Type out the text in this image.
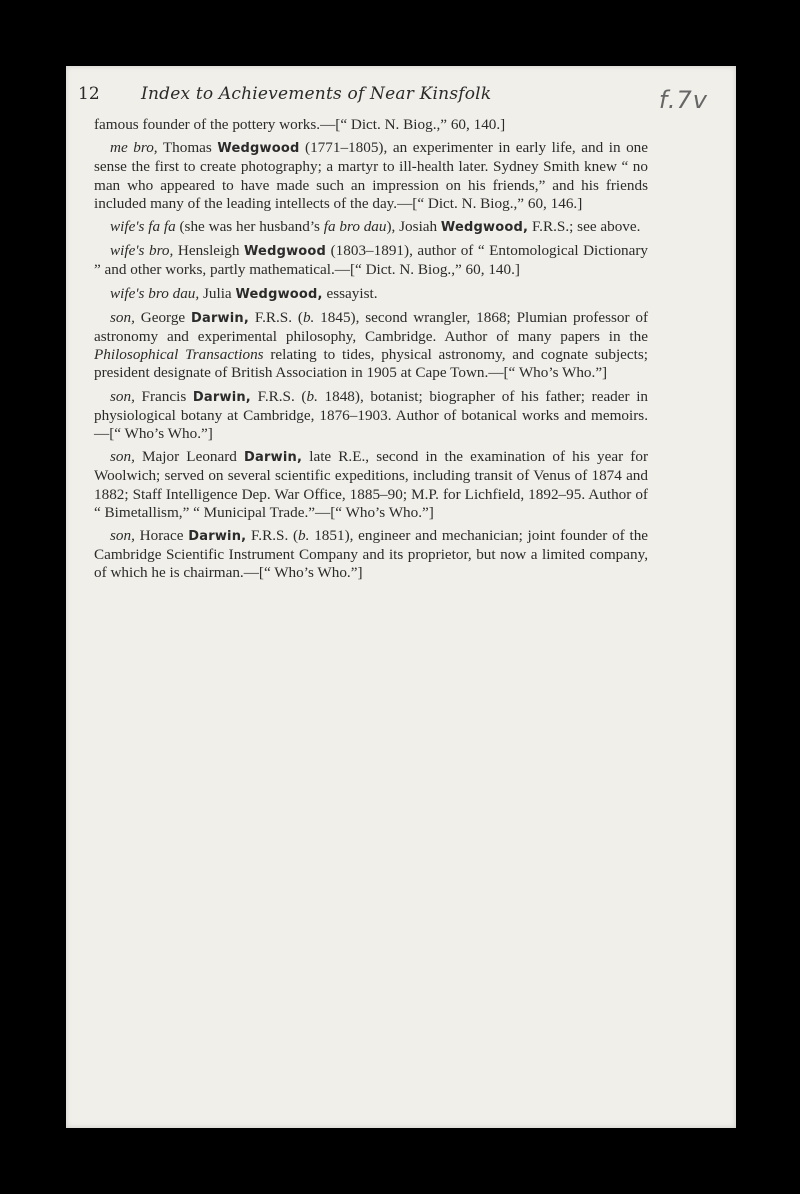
f.7v
12 Index to Achievements of Near Kinsfolk

famous founder of the pottery works.—[“ Dict. N. Biog.,” 60, 140.]

me bro, Thomas Wedgwood (1771–1805), an experimenter in early life, and in one sense the first to create photography; a martyr to ill-health later. Sydney Smith knew “ no man who appeared to have made such an impression on his friends,” and his friends included many of the leading intellects of the day.—[“ Dict. N. Biog.,” 60, 146.]

wife's fa fa (she was her husband’s fa bro dau), Josiah Wedgwood, F.R.S.; see above.

wife's bro, Hensleigh Wedgwood (1803–1891), author of “ Entomological Dictionary ” and other works, partly mathematical.—[“ Dict. N. Biog.,” 60, 140.]

wife's bro dau, Julia Wedgwood, essayist.

son, George Darwin, F.R.S. (b. 1845), second wrangler, 1868; Plumian professor of astronomy and experimental philosophy, Cambridge. Author of many papers in the Philosophical Transactions relating to tides, physical astronomy, and cognate subjects; president designate of British Association in 1905 at Cape Town.—[“ Who’s Who.”]

son, Francis Darwin, F.R.S. (b. 1848), botanist; biographer of his father; reader in physiological botany at Cambridge, 1876–1903. Author of botanical works and memoirs.—[“ Who’s Who.”]

son, Major Leonard Darwin, late R.E., second in the examination of his year for Woolwich; served on several scientific expeditions, including transit of Venus of 1874 and 1882; Staff Intelligence Dep. War Office, 1885–90; M.P. for Lichfield, 1892–95. Author of “ Bimetallism,” “ Municipal Trade.”—[“ Who’s Who.”]

son, Horace Darwin, F.R.S. (b. 1851), engineer and mechanician; joint founder of the Cambridge Scientific Instrument Company and its proprietor, but now a limited company, of which he is chairman.—[“ Who’s Who.”]
